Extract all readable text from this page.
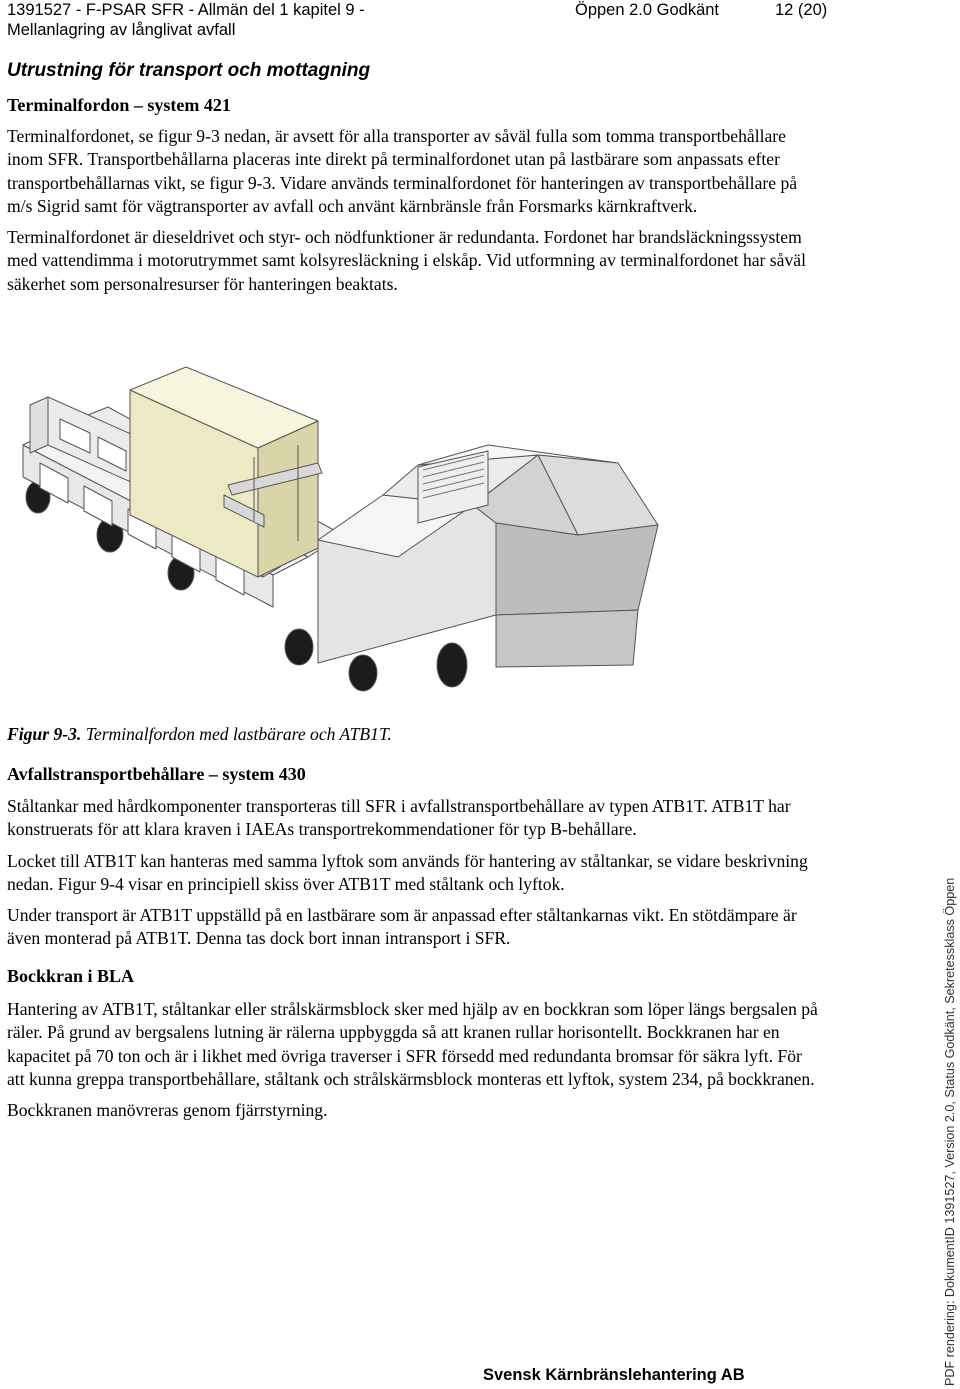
1391527 - F-PSAR SFR - Allmän del 1 kapitel 9 -
Mellanlagring av långlivat avfall
Öppen 2.0 Godkänt	12 (20)
Utrustning för transport och mottagning
Terminalfordon – system 421

Terminalfordonet, se figur 9-3 nedan, är avsett för alla transporter av såväl fulla som tomma transportbehållare inom SFR. Transportbehållarna placeras inte direkt på terminalfordonet utan på lastbärare som anpassats efter transportbehållarnas vikt, se figur 9-3. Vidare används terminalfordonet för hanteringen av transportbehållare på m/s Sigrid samt för vägtransporter av avfall och använt kärnbränsle från Forsmarks kärnkraftverk.

Terminalfordonet är dieseldrivet och styr- och nödfunktioner är redundanta. Fordonet har brandsläckningssystem med vattendimma i motorutrymmet samt kolsyresläckning i elskåp. Vid utformning av terminalfordonet har såväl säkerhet som personalresurser för hanteringen beaktats.

Figur 9-3. Terminalfordon med lastbärare och ATB1T.
Avfallstransportbehållare – system 430

Ståltankar med hårdkomponenter transporteras till SFR i avfallstransportbehållare av typen ATB1T. ATB1T har konstruerats för att klara kraven i IAEAs transportrekommendationer för typ B-behållare.

Locket till ATB1T kan hanteras med samma lyftok som används för hantering av ståltankar, se vidare beskrivning nedan. Figur 9-4 visar en principiell skiss över ATB1T med ståltank och lyftok.

Under transport är ATB1T uppställd på en lastbärare som är anpassad efter ståltankarnas vikt. En stötdämpare är även monterad på ATB1T. Denna tas dock bort innan intransport i SFR.

Bockkran i BLA

Hantering av ATB1T, ståltankar eller strålskärmsblock sker med hjälp av en bockkran som löper längs bergsalen på räler. På grund av bergsalens lutning är rälerna uppbyggda så att kranen rullar horisontellt. Bockkranen har en kapacitet på 70 ton och är i likhet med övriga traverser i SFR försedd med redundanta bromsar för säkra lyft. För att kunna greppa transportbehållare, ståltank och strålskärmsblock monteras ett lyftok, system 234, på bockkranen.

Bockkranen manövreras genom fjärrstyrning.

Svensk Kärnbränslehantering AB	PDF rendering: DokumentID 1391527, Version 2.0, Status Godkänt, Sekretessklass Öppen
